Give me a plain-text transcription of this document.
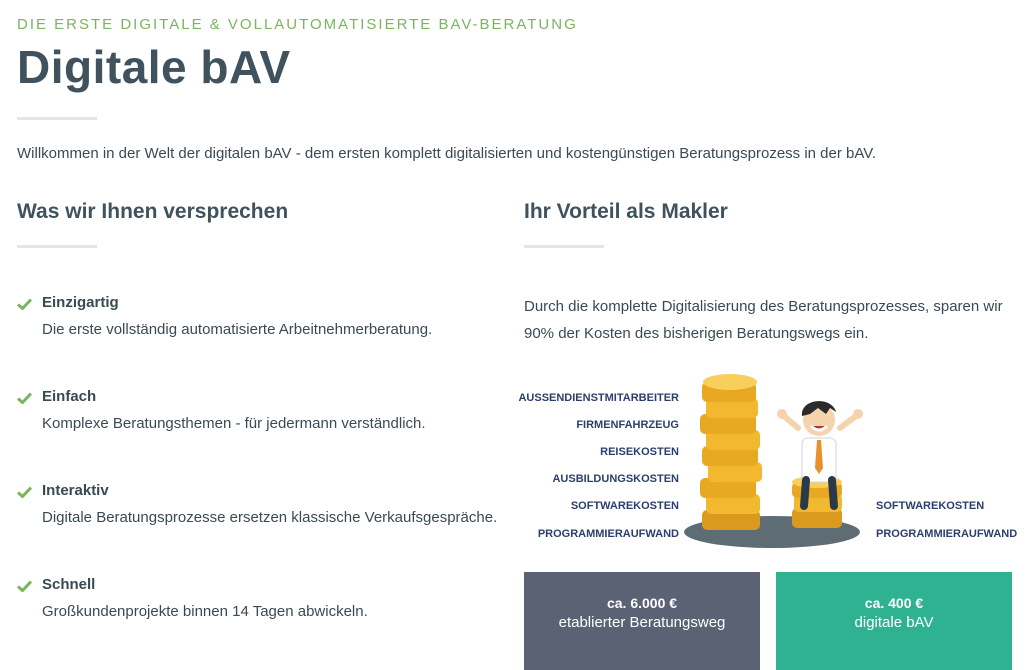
DIE ERSTE DIGITALE & VOLLAUTOMATISIERTE BAV-BERATUNG
Digitale bAV
Willkommen in der Welt der digitalen bAV - dem ersten komplett digitalisierten und kostengünstigen Beratungsprozess in der bAV.
Was wir Ihnen versprechen
Einzigartig
Die erste vollständig automatisierte Arbeitnehmerberatung.
Einfach
Komplexe Beratungsthemen - für jedermann verständlich.
Interaktiv
Digitale Beratungsprozesse ersetzen klassische Verkaufsgespräche.
Schnell
Großkundenprojekte binnen 14 Tagen abwickeln.
Ihr Vorteil als Makler
Durch die komplette Digitalisierung des Beratungsprozesses, sparen wir 90% der Kosten des bisherigen Beratungswegs ein.
AUSSENDIENSTMITARBEITER
FIRMENFAHRZEUG
REISEKOSTEN
AUSBILDUNGSKOSTEN
SOFTWAREKOSTEN
PROGRAMMIERAUFWAND
SOFTWAREKOSTEN
PROGRAMMIERAUFWAND
ca. 6.000 €
etablierter Beratungsweg
ca. 400 €
digitale bAV
